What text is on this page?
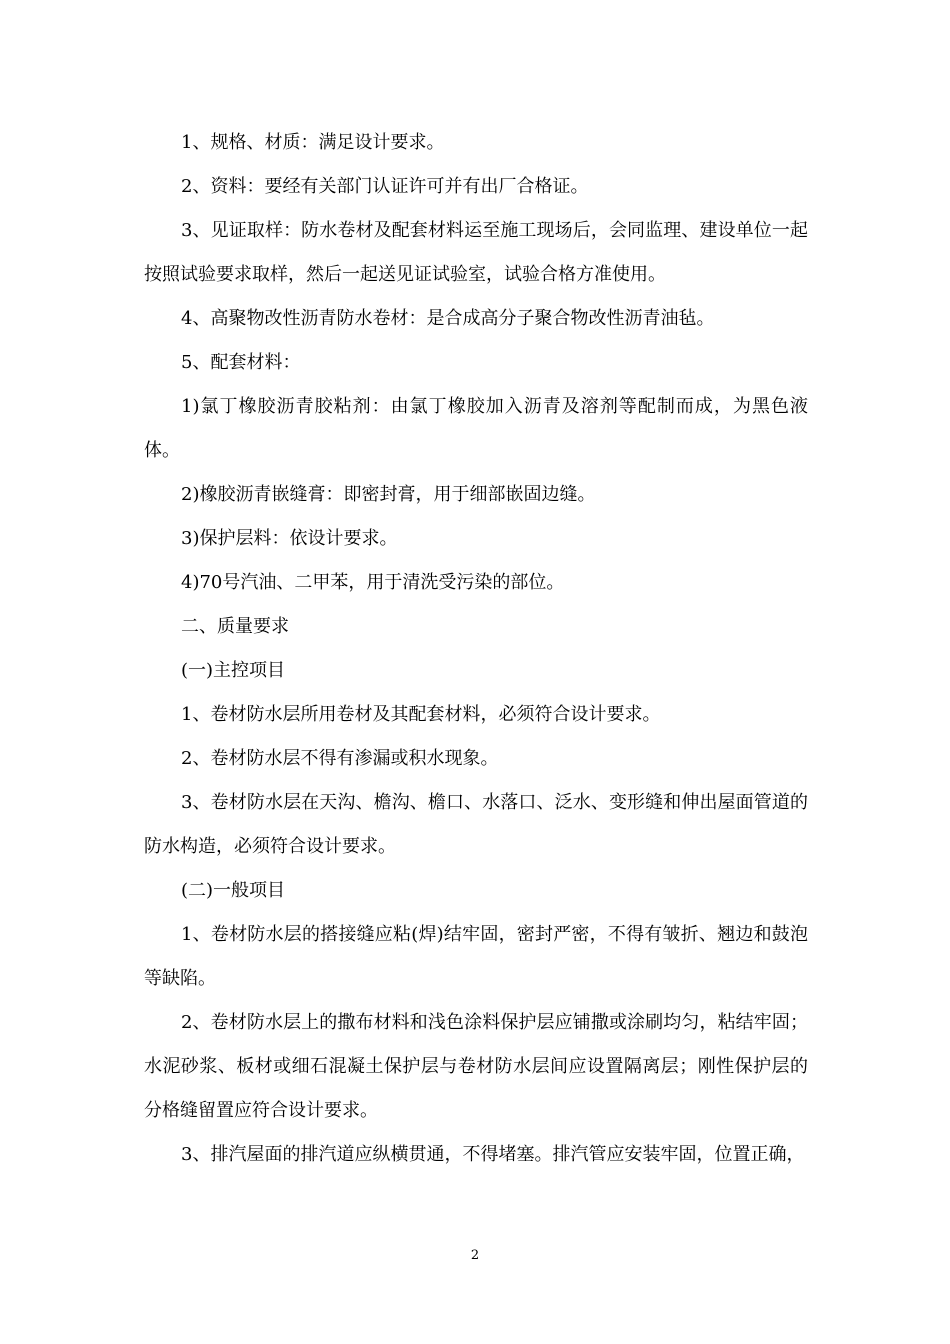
1、规格、材质：满足设计要求。

2、资料：要经有关部门认证许可并有出厂合格证。

3、见证取样：防水卷材及配套材料运至施工现场后，会同监理、建设单位一起按照试验要求取样，然后一起送见证试验室，试验合格方准使用。

4、高聚物改性沥青防水卷材：是合成高分子聚合物改性沥青油毡。

5、配套材料：

1)氯丁橡胶沥青胶粘剂：由氯丁橡胶加入沥青及溶剂等配制而成，为黑色液体。

2)橡胶沥青嵌缝膏：即密封膏，用于细部嵌固边缝。

3)保护层料：依设计要求。

4)70号汽油、二甲苯，用于清洗受污染的部位。

二、质量要求

(一)主控项目

1、卷材防水层所用卷材及其配套材料，必须符合设计要求。

2、卷材防水层不得有渗漏或积水现象。

3、卷材防水层在天沟、檐沟、檐口、水落口、泛水、变形缝和伸出屋面管道的防水构造，必须符合设计要求。

(二)一般项目

1、卷材防水层的搭接缝应粘(焊)结牢固，密封严密，不得有皱折、翘边和鼓泡等缺陷。

2、卷材防水层上的撒布材料和浅色涂料保护层应铺撒或涂刷均匀，粘结牢固；水泥砂浆、板材或细石混凝土保护层与卷材防水层间应设置隔离层；刚性保护层的分格缝留置应符合设计要求。

3、排汽屋面的排汽道应纵横贯通，不得堵塞。排汽管应安装牢固，位置正确，

2
